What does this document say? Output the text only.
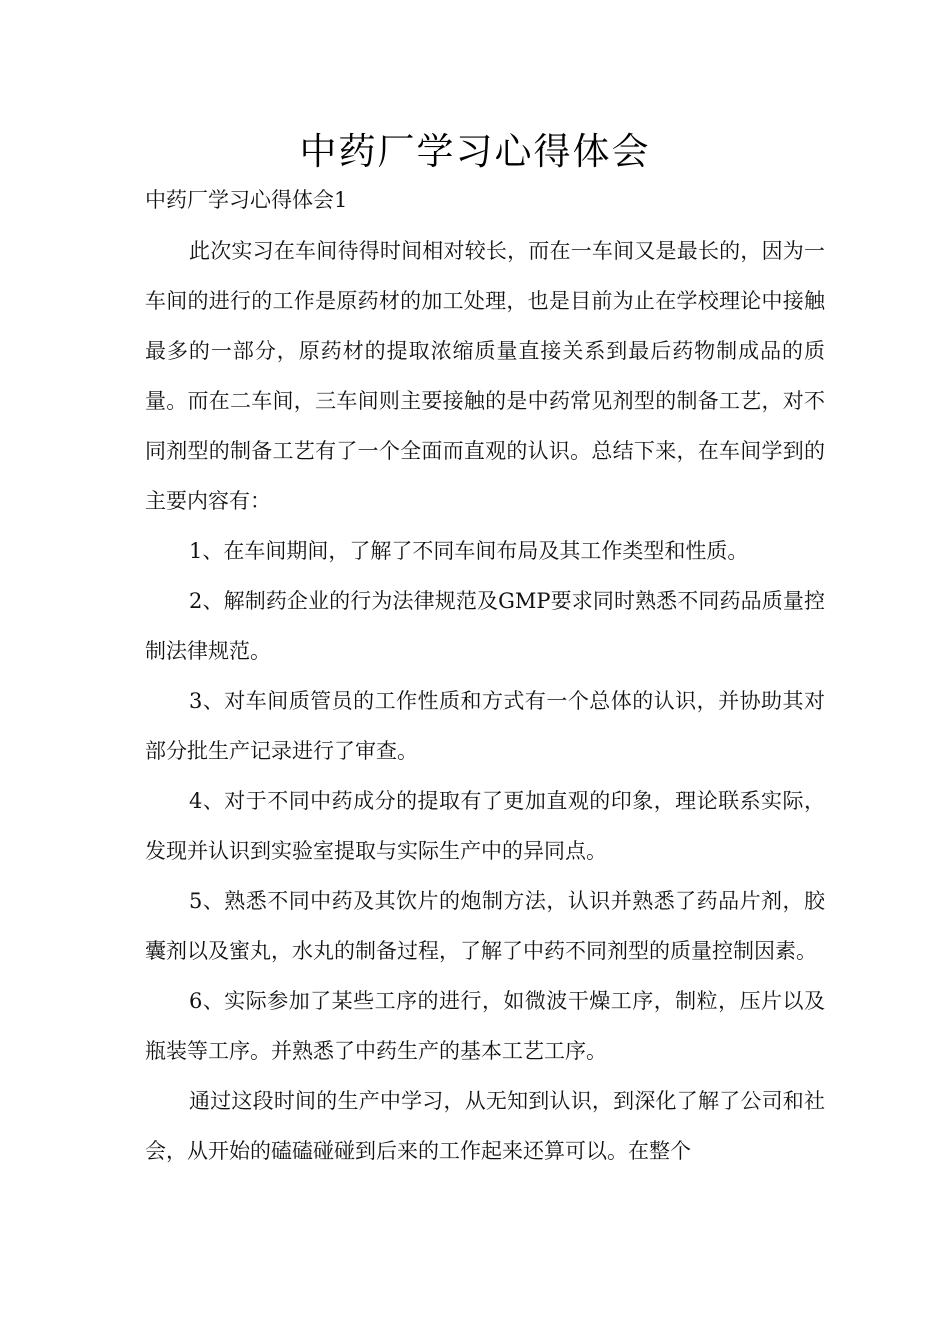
中药厂学习心得体会
中药厂学习心得体会1

此次实习在车间待得时间相对较长，而在一车间又是最长的，因为一车间的进行的工作是原药材的加工处理，也是目前为止在学校理论中接触最多的一部分，原药材的提取浓缩质量直接关系到最后药物制成品的质量。而在二车间，三车间则主要接触的是中药常见剂型的制备工艺，对不同剂型的制备工艺有了一个全面而直观的认识。总结下来，在车间学到的主要内容有：

1、在车间期间，了解了不同车间布局及其工作类型和性质。

2、解制药企业的行为法律规范及GMP要求同时熟悉不同药品质量控制法律规范。

3、对车间质管员的工作性质和方式有一个总体的认识，并协助其对部分批生产记录进行了审查。

4、对于不同中药成分的提取有了更加直观的印象，理论联系实际，发现并认识到实验室提取与实际生产中的异同点。

5、熟悉不同中药及其饮片的炮制方法，认识并熟悉了药品片剂，胶囊剂以及蜜丸，水丸的制备过程，了解了中药不同剂型的质量控制因素。

6、实际参加了某些工序的进行，如微波干燥工序，制粒，压片以及瓶装等工序。并熟悉了中药生产的基本工艺工序。

通过这段时间的生产中学习，从无知到认识，到深化了解了公司和社会，从开始的磕磕碰碰到后来的工作起来还算可以。在整个
